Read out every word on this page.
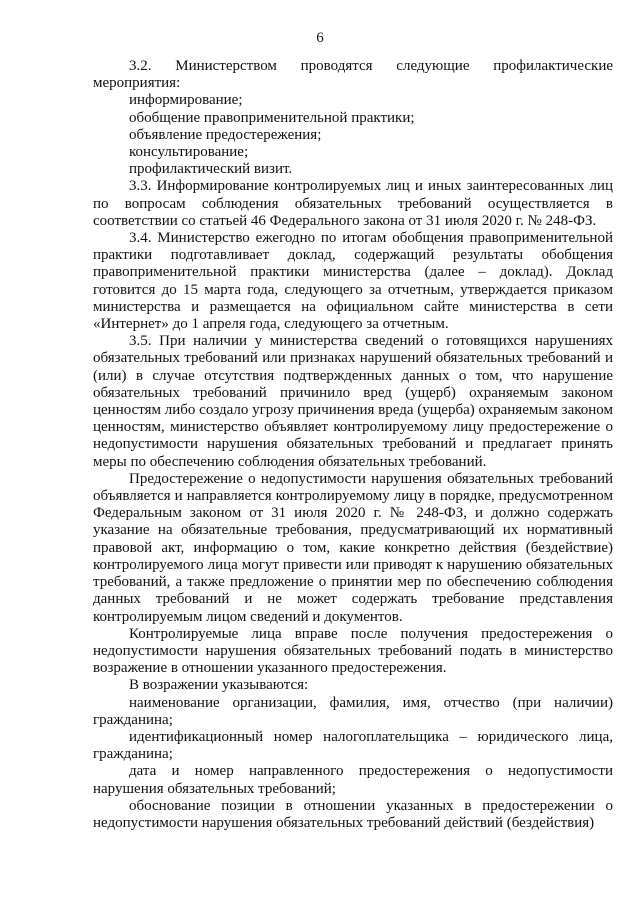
6

3.2. Министерством проводятся следующие профилактические мероприятия:

информирование;

обобщение правоприменительной практики;

объявление предостережения;

консультирование;

профилактический визит.

3.3. Информирование контролируемых лиц и иных заинтересованных лиц по вопросам соблюдения обязательных требований осуществляется в соответствии со статьей 46 Федерального закона от 31 июля 2020 г. № 248-ФЗ.

3.4. Министерство ежегодно по итогам обобщения правоприменительной практики подготавливает доклад, содержащий результаты обобщения правоприменительной практики министерства (далее – доклад). Доклад готовится до 15 марта года, следующего за отчетным, утверждается приказом министерства и размещается на официальном сайте министерства в сети «Интернет» до 1 апреля года, следующего за отчетным.

3.5. При наличии у министерства сведений о готовящихся нарушениях обязательных требований или признаках нарушений обязательных требований и (или) в случае отсутствия подтвержденных данных о том, что нарушение обязательных требований причинило вред (ущерб) охраняемым законом ценностям либо создало угрозу причинения вреда (ущерба) охраняемым законом ценностям, министерство объявляет контролируемому лицу предостережение о недопустимости нарушения обязательных требований и предлагает принять меры по обеспечению соблюдения обязательных требований.

Предостережение о недопустимости нарушения обязательных требований объявляется и направляется контролируемому лицу в порядке, предусмотренном Федеральным законом от 31 июля 2020 г. № 248-ФЗ, и должно содержать указание на обязательные требования, предусматривающий их нормативный правовой акт, информацию о том, какие конкретно действия (бездействие) контролируемого лица могут привести или приводят к нарушению обязательных требований, а также предложение о принятии мер по обеспечению соблюдения данных требований и не может содержать требование представления контролируемым лицом сведений и документов.

Контролируемые лица вправе после получения предостережения о недопустимости нарушения обязательных требований подать в министерство возражение в отношении указанного предостережения.

В возражении указываются:

наименование организации, фамилия, имя, отчество (при наличии) гражданина;

идентификационный номер налогоплательщика – юридического лица, гражданина;

дата и номер направленного предостережения о недопустимости нарушения обязательных требований;

обоснование позиции в отношении указанных в предостережении о недопустимости нарушения обязательных требований действий (бездействия)
